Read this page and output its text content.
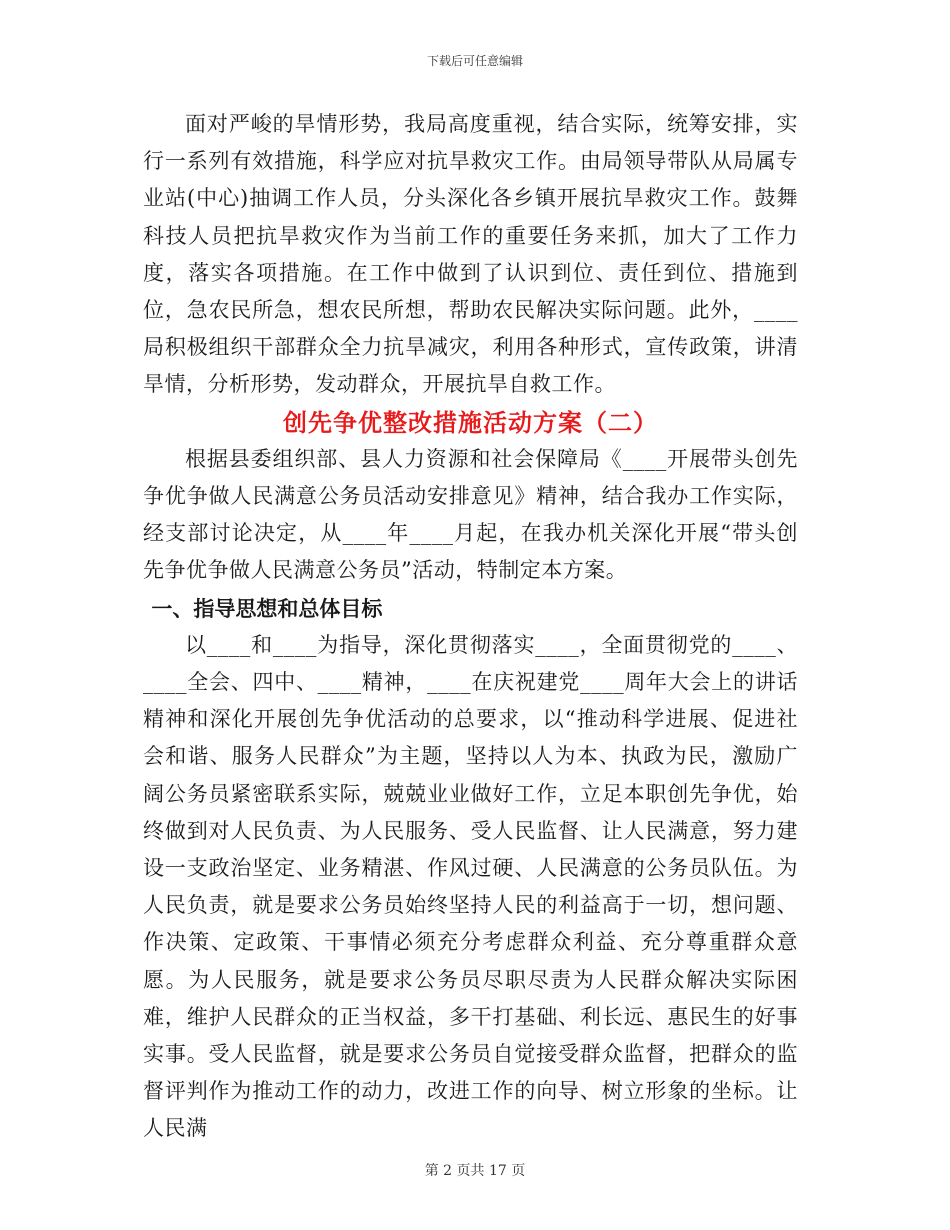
下载后可任意编辑

面对严峻的旱情形势，我局高度重视，结合实际，统筹安排，实行一系列有效措施，科学应对抗旱救灾工作。由局领导带队从局属专业站(中心)抽调工作人员，分头深化各乡镇开展抗旱救灾工作。鼓舞科技人员把抗旱救灾作为当前工作的重要任务来抓，加大了工作力度，落实各项措施。在工作中做到了认识到位、责任到位、措施到位，急农民所急，想农民所想，帮助农民解决实际问题。此外，____局积极组织干部群众全力抗旱减灾，利用各种形式，宣传政策，讲清旱情，分析形势，发动群众，开展抗旱自救工作。

创先争优整改措施活动方案（二）

根据县委组织部、县人力资源和社会保障局《____开展带头创先争优争做人民满意公务员活动安排意见》精神，结合我办工作实际，经支部讨论决定，从____年____月起，在我办机关深化开展“带头创先争优争做人民满意公务员”活动，特制定本方案。

一、指导思想和总体目标

以____和____为指导，深化贯彻落实____，全面贯彻党的____、____全会、四中、____精神，____在庆祝建党____周年大会上的讲话精神和深化开展创先争优活动的总要求，以“推动科学进展、促进社会和谐、服务人民群众”为主题，坚持以人为本、执政为民，激励广阔公务员紧密联系实际，兢兢业业做好工作，立足本职创先争优，始终做到对人民负责、为人民服务、受人民监督、让人民满意，努力建设一支政治坚定、业务精湛、作风过硬、人民满意的公务员队伍。为人民负责，就是要求公务员始终坚持人民的利益高于一切，想问题、作决策、定政策、干事情必须充分考虑群众利益、充分尊重群众意愿。为人民服务，就是要求公务员尽职尽责为人民群众解决实际困难，维护人民群众的正当权益，多干打基础、利长远、惠民生的好事实事。受人民监督，就是要求公务员自觉接受群众监督，把群众的监督评判作为推动工作的动力，改进工作的向导、树立形象的坐标。让人民满

第 2 页共 17 页
